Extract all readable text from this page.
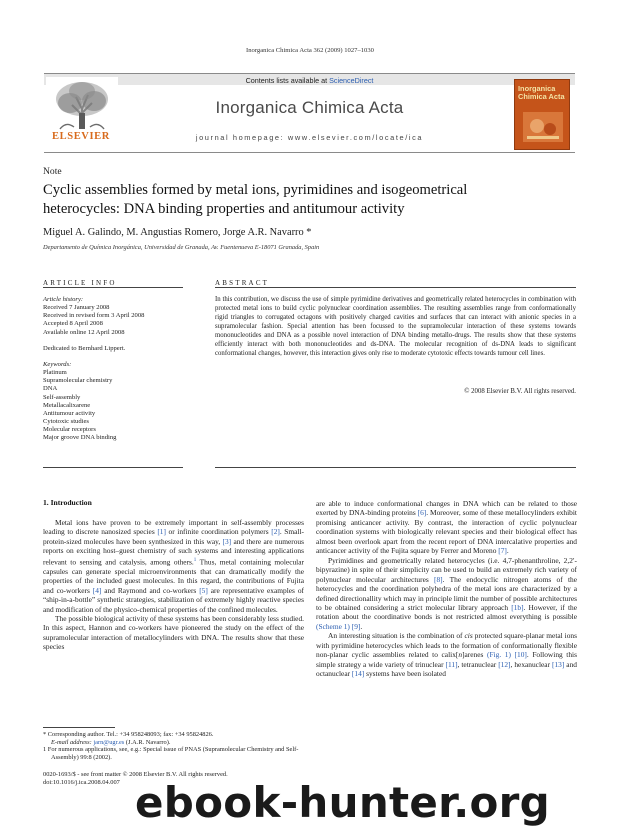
Inorganica Chimica Acta 362 (2009) 1027–1030
Contents lists available at ScienceDirect
Inorganica Chimica Acta
journal homepage: www.elsevier.com/locate/ica
ELSEVIER
Inorganica
Chimica Acta
Note
Cyclic assemblies formed by metal ions, pyrimidines and isogeometrical heterocycles: DNA binding properties and antitumour activity
Miguel A. Galindo, M. Angustias Romero, Jorge A.R. Navarro *
Departamento de Química Inorgánica, Universidad de Granada, Av. Fuentenueva E-18071 Granada, Spain
ARTICLE INFO	ABSTRACT
Article history:
Received 7 January 2008
Received in revised form 3 April 2008
Accepted 8 April 2008
Available online 12 April 2008
Dedicated to Bernhard Lippert.
Keywords:
Platinum
Supramolecular chemistry
DNA
Self-assembly
Metallacalixarene
Antitumour activity
Cytotoxic studies
Molecular receptors
Major groove DNA binding
In this contribution, we discuss the use of simple pyrimidine derivatives and geometrically related heterocycles in combination with protected metal ions to build cyclic polynuclear coordination assemblies. The resulting assemblies range from conformationally rigid triangles to corrugated octagons with positively charged cavities and surfaces that can interact with anionic species in a supramolecular fashion. Special attention has been focussed to the supramolecular interaction of these systems towards mononucleotides and DNA as a possible novel interaction of DNA binding metallo-drugs. The results show that these systems efficiently interact with both mononucleotides and ds-DNA. The molecular recognition of ds-DNA leads to significant conformational changes, however, this interaction gives only rise to moderate cytotoxic effects towards tumour cell lines.
© 2008 Elsevier B.V. All rights reserved.
1. Introduction

Metal ions have proven to be extremely important in self-assembly processes leading to discrete nanosized species [1] or infinite coordination polymers [2]. Small-protein-sized molecules have been synthesized in this way, [3] and there are numerous reports on exciting host–guest chemistry of such systems and interesting applications relevant to sensing and catalysis, among others.$^1$ Thus, metal containing molecular capsules can generate special microenvironments that can dramatically modify the properties of the included guest molecules. In this regard, the contributions of Fujita and co-workers [4] and Raymond and co-workers [5] are representative examples of “ship-in-a-bottle” synthetic strategies, stabilization of extremely highly reactive species and modification of the physico-chemical properties of the confined molecules.

The possible biological activity of these systems has been considerably less studied. In this aspect, Hannon and co-workers have pioneered the study on the effect of the supramolecular interaction of metallocylinders with DNA. The results show that these species

are able to induce conformational changes in DNA which can be related to those exerted by DNA-binding proteins [6]. Moreover, some of these metallocylinders exhibit promising anticancer activity. By contrast, the interaction of cyclic polynuclear coordination systems with biologically relevant species and their biological effect has almost been overlook apart from the recent report of DNA intercalative properties and anticancer activity of the Fujita square by Ferrer and Moreno [7].

Pyrimidines and geometrically related heterocycles (i.e. 4,7-phenanthroline, 2,2′-bipyrazine) in spite of their simplicity can be used to build an extremely rich variety of polynuclear molecular architectures [8]. The endocyclic nitrogen atoms of the heterocycles and the coordination polyhedra of the metal ions are characterized by a defined directionallity which may in principle limit the number of possible architectures to be obtained considering a strict molecular library approach [1b]. However, if the rotation about the coordinative bonds is not restricted almost everything is possible (Scheme 1) [9].

An interesting situation is the combination of cis protected square-planar metal ions with pyrimidine heterocycles which leads to the formation of conformationally flexible non-planar cyclic assemblies related to calix[n]arenes (Fig. 1) [10]. Following this simple strategy a wide variety of trinuclear [11], tetranuclear [12], hexanuclear [13] and octanuclear [14] systems have been isolated

* Corresponding author. Tel.: +34 958248093; fax: +34 95824826.
E-mail address: jarn@ugr.es (J.A.R. Navarro).
1 For numerous applications, see, e.g.: Special issue of PNAS (Supramolecular Chemistry and Self-Assembly) 99:8 (2002).
0020-1693/$ - see front matter © 2008 Elsevier B.V. All rights reserved.
doi:10.1016/j.ica.2008.04.007 ebook-hunter.org
